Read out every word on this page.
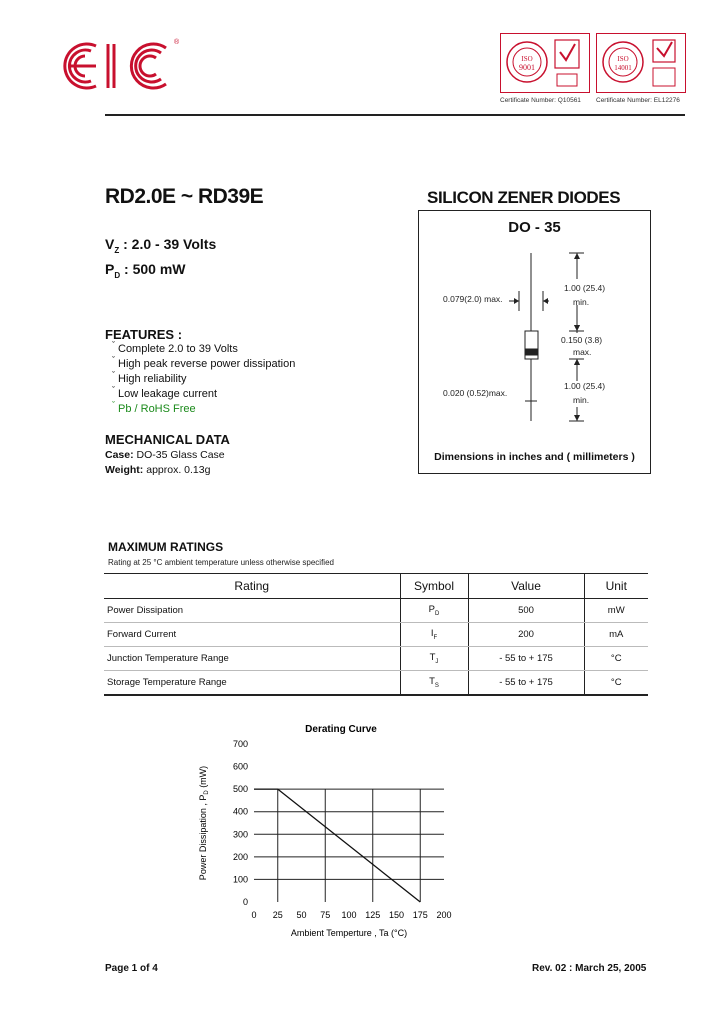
®
ISO
9001
Certificate Number: Q10561
ISO
14001
Certificate Number: EL12276
RD2.0E ~ RD39E
$V_Z$ : 2.0 - 39 Volts
$P_D$ : 500 mW
FEATURES :
ˇ Complete 2.0 to 39 Volts
ˇ High peak reverse power dissipation
ˇ High reliability
ˇ Low leakage current
ˇ Pb / RoHS Free
MECHANICAL DATA
Case: DO-35 Glass Case
Weight: approx. 0.13g
SILICON ZENER DIODES
DO - 35
0.079(2.0) max.
1.00 (25.4)
min.
0.150 (3.8)
max.
0.020 (0.52)max.
1.00 (25.4)
min.
Dimensions in inches and ( millimeters )
MAXIMUM RATINGS
Rating at 25 °C ambient temperature unless otherwise specified
Rating	Symbol	Value	Unit
Power Dissipation	$P_D$	500	mW
Forward Current	$I_F$	200	mA
Junction Temperature Range	$T_J$	- 55 to + 175	°C
Storage Temperature Range	$T_S$	- 55 to + 175	°C
Derating Curve
0
100
200
300
400
500
600
700
0 25 50 75 100 125 150 175 200
Ambient Temperture , Ta (°C)
Power Dissipation , $P_D$ (mW)
Page 1 of 4	Rev. 02 : March 25, 2005
